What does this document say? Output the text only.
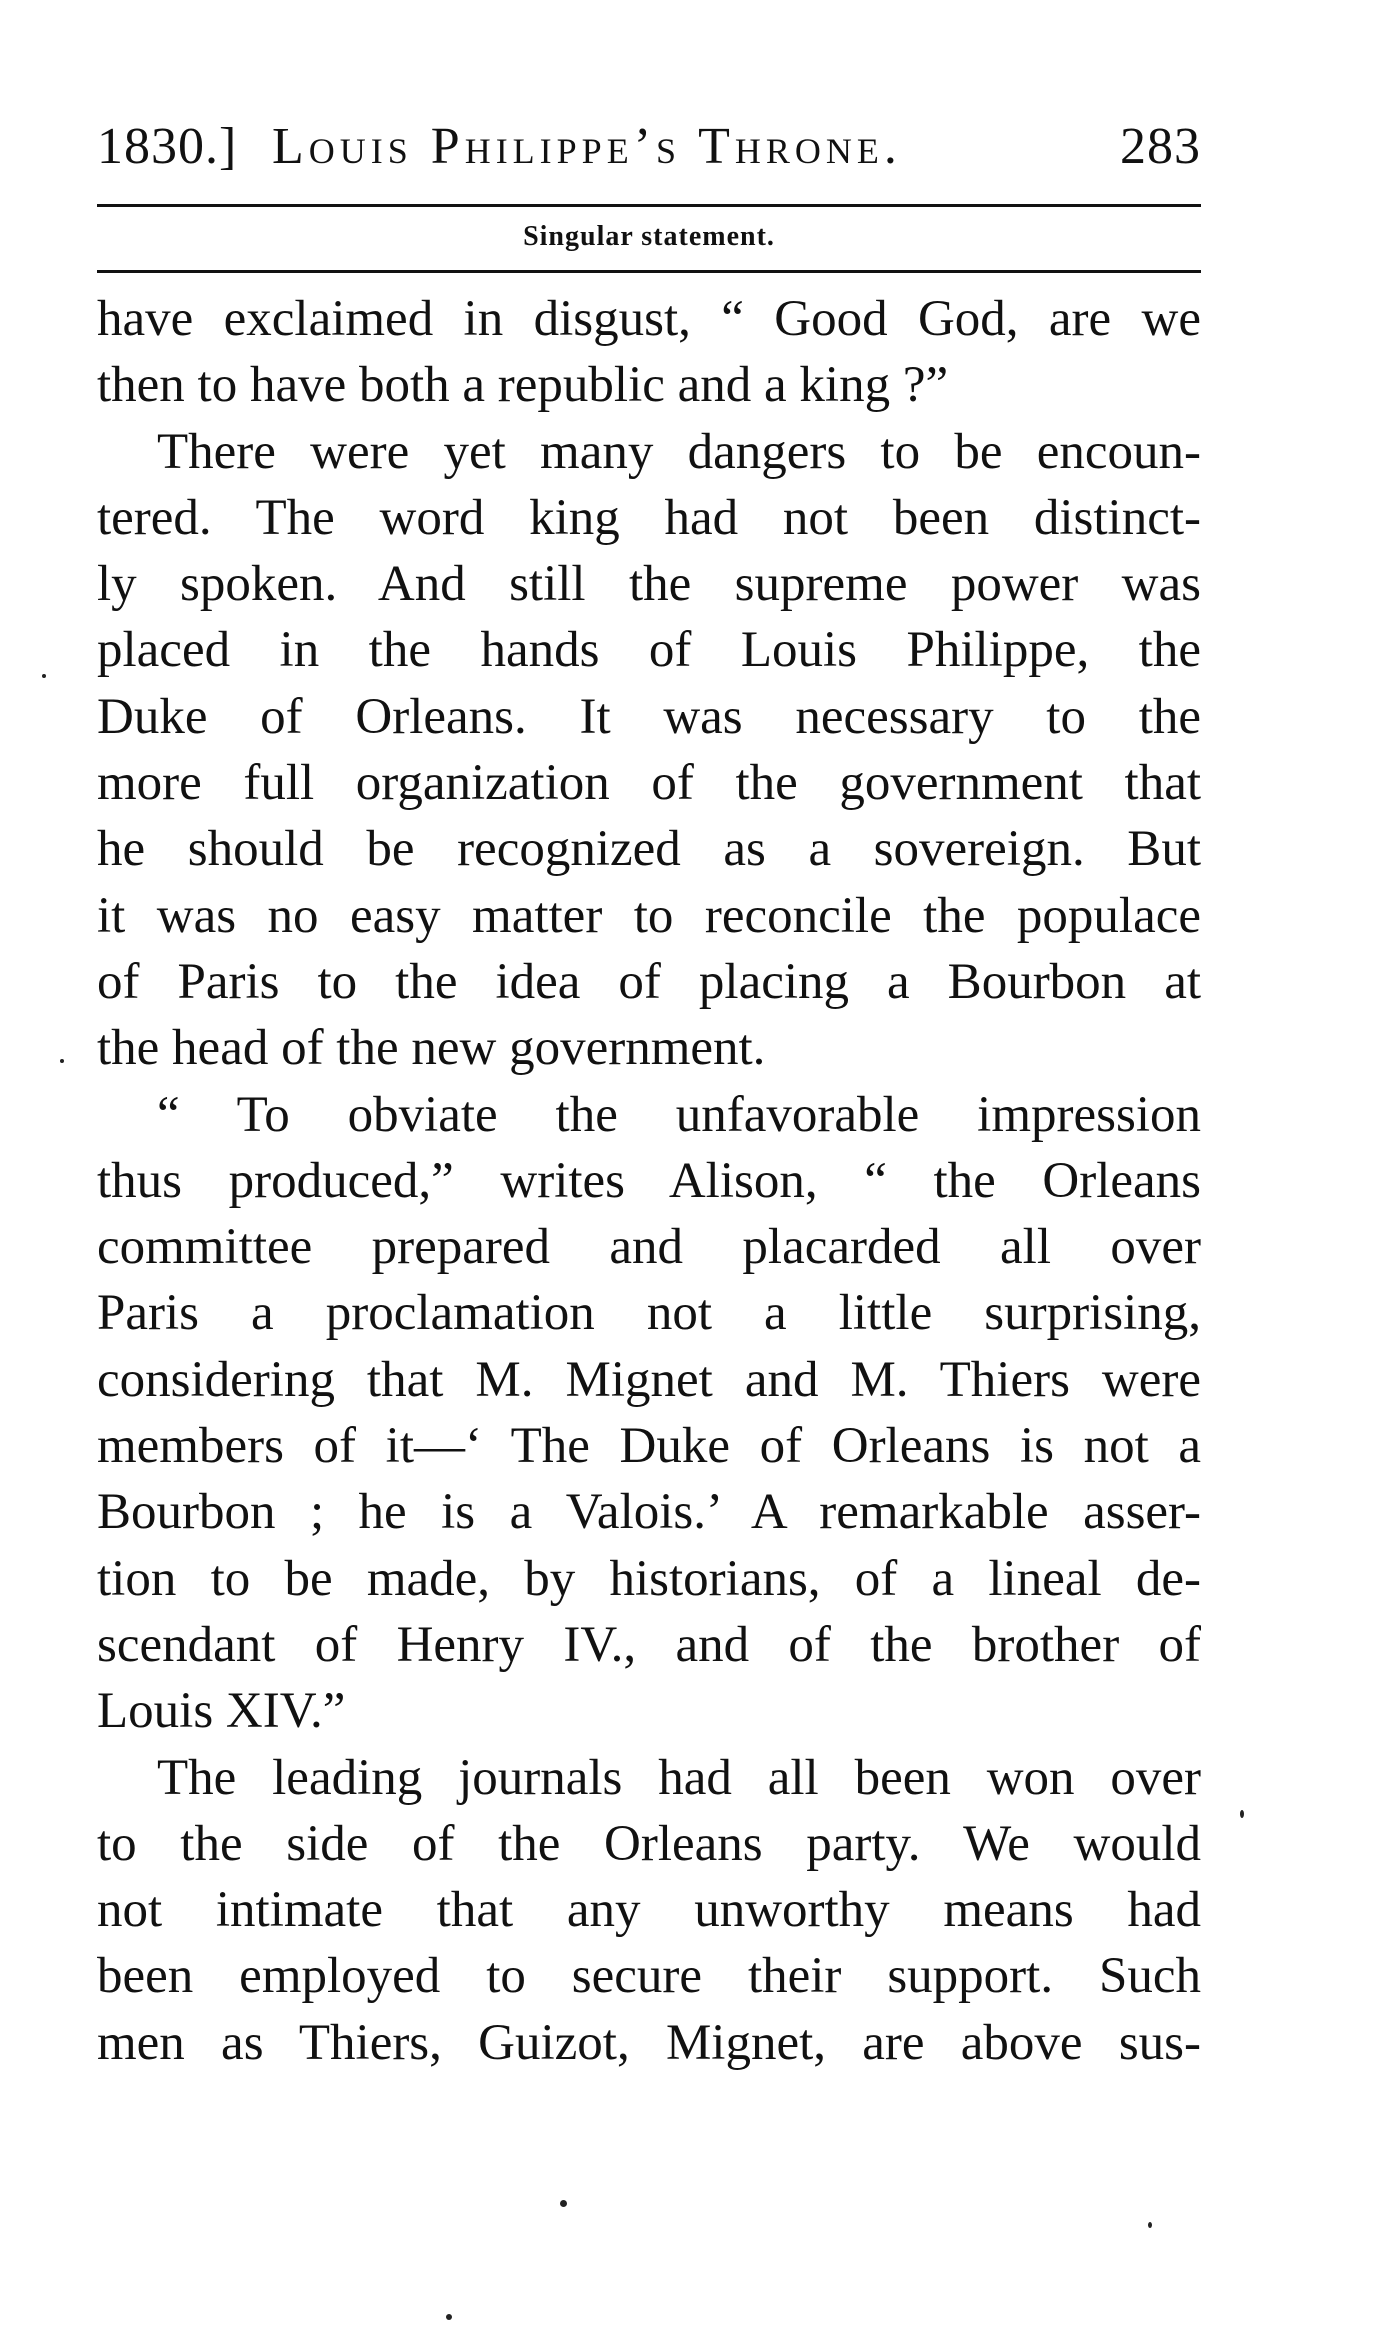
1830.] Louis Philippe’s Throne.	283
Singular statement.
have exclaimed in disgust, “ Good God, are we
then to have both a republic and a king ?”
There were yet many dangers to be encoun-
tered. The word king had not been distinct-
ly spoken. And still the supreme power was
placed in the hands of Louis Philippe, the
Duke of Orleans. It was necessary to the
more full organization of the government that
he should be recognized as a sovereign. But
it was no easy matter to reconcile the populace
of Paris to the idea of placing a Bourbon at
the head of the new government.
“ To obviate the unfavorable impression
thus produced,” writes Alison, “ the Orleans
committee prepared and placarded all over
Paris a proclamation not a little surprising,
considering that M. Mignet and M. Thiers were
members of it—‘ The Duke of Orleans is not a
Bourbon ; he is a Valois.’ A remarkable asser-
tion to be made, by historians, of a lineal de-
scendant of Henry IV., and of the brother of
Louis XIV.”
The leading journals had all been won over
to the side of the Orleans party. We would
not intimate that any unworthy means had
been employed to secure their support. Such
men as Thiers, Guizot, Mignet, are above sus-
